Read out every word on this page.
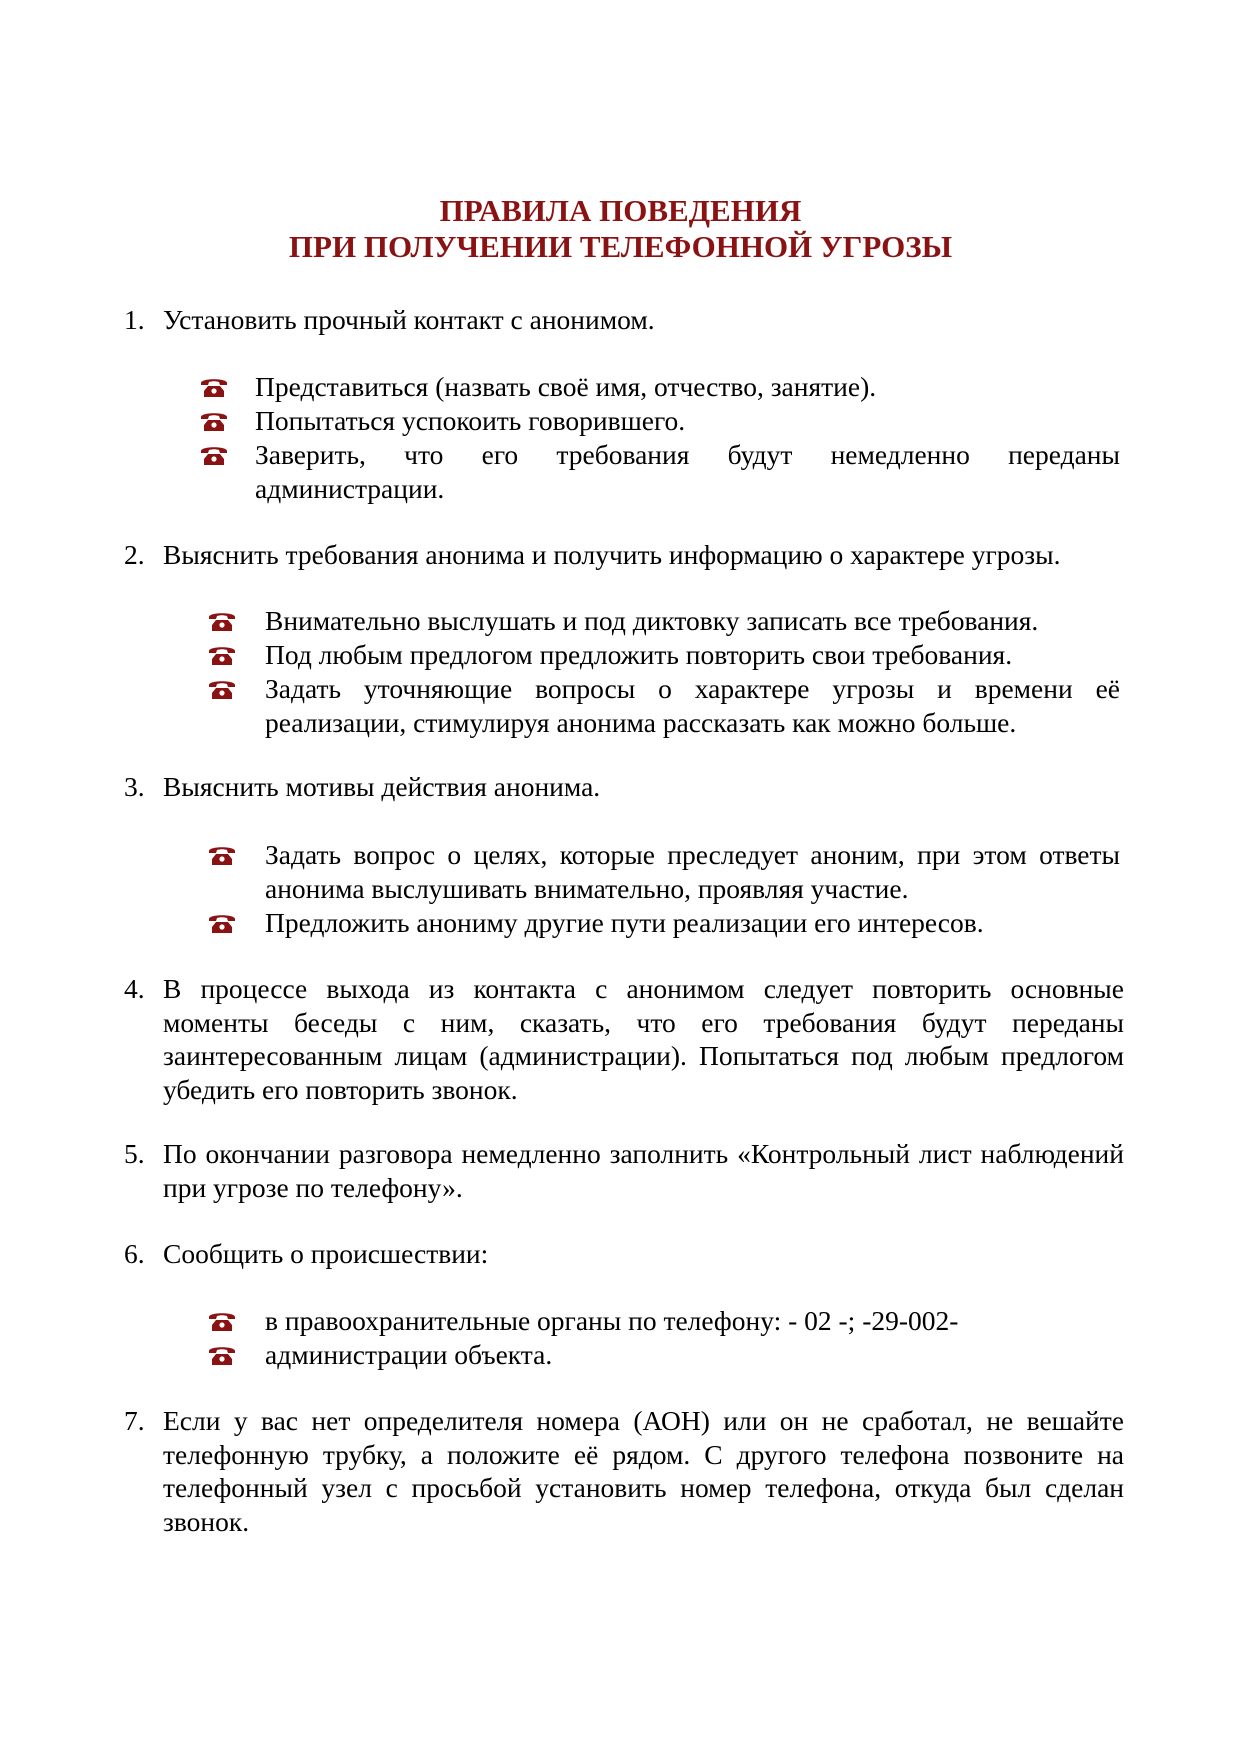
ПРАВИЛА ПОВЕДЕНИЯ
ПРИ ПОЛУЧЕНИИ ТЕЛЕФОННОЙ УГРОЗЫ
1. Установить прочный контакт с анонимом.
Представиться (назвать своё имя, отчество, занятие).
Попытаться успокоить говорившего.
Заверить, что его требования будут немедленно переданы администрации.
2. Выяснить требования анонима и получить информацию о характере угрозы.
Внимательно выслушать и под диктовку записать все требования.
Под любым предлогом предложить повторить свои требования.
Задать уточняющие вопросы о характере угрозы и времени её реализации, стимулируя анонима рассказать как можно больше.
3. Выяснить мотивы действия анонима.
Задать вопрос о целях, которые преследует аноним, при этом ответы анонима выслушивать внимательно, проявляя участие.
Предложить анониму другие пути реализации его интересов.
4. В процессе выхода из контакта с анонимом следует повторить основные моменты беседы с ним, сказать, что его требования будут переданы заинтересованным лицам (администрации). Попытаться под любым предлогом убедить его повторить звонок.
5. По окончании разговора немедленно заполнить «Контрольный лист наблюдений при угрозе по телефону».
6. Сообщить о происшествии:
в правоохранительные органы по телефону: - 02 -; -29-002-
администрации объекта.
7. Если у вас нет определителя номера (АОН) или он не сработал, не вешайте телефонную трубку, а положите её рядом. С другого телефона позвоните на телефонный узел с просьбой установить номер телефона, откуда был сделан звонок.
